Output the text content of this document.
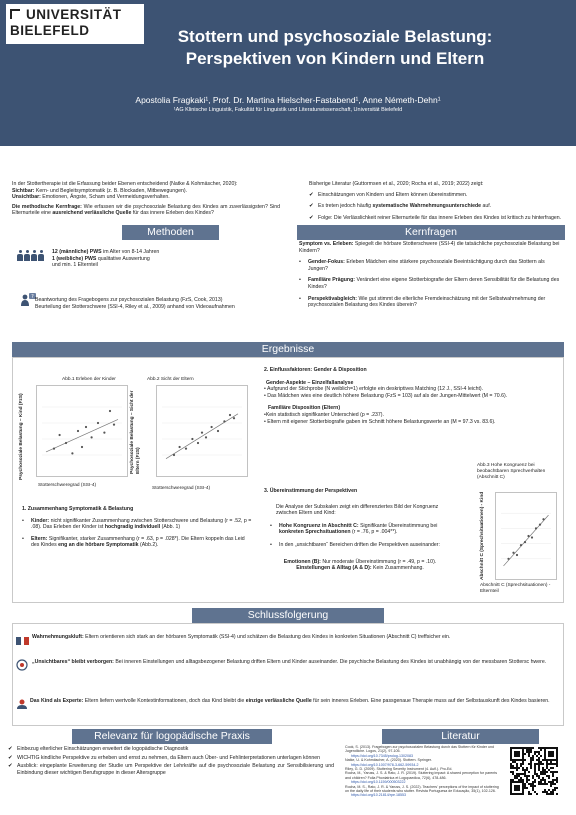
UNIVERSITÄT
BIELEFELD	Stottern und psychosoziale Belastung:
Perspektiven von Kindern und Eltern
Apostolia Fragkaki¹, Prof. Dr. Martina Hielscher-Fastabend¹, Anne Németh-Dehn¹
¹AG Klinische Linguistik, Fakultät für Linguistik und Literaturwissenschaft, Universität Bielefeld
In der Stottertherapie ist die Erfassung beider Ebenen entscheidend (Natke & Kohmäscher, 2020):
Sichtbar: Kern- und Begleitsymptomatik (z. B. Blockaden, Mitbewegungen).
Unsichtbar: Emotionen, Ängste, Scham und Vermeidungsverhalten.
Die methodische Kernfrage: Wie erfassen wir die psychosoziale Belastung des Kindes am zuverlässigsten? Sind Elternurteile eine ausreichend verlässliche Quelle für das innere Erleben des Kindes?
Bisherige Literatur (Guttormsen et al., 2020; Rocha et al., 2019; 2022) zeigt:
✔ Einschätzungen von Kindern und Eltern können übereinstimmen.
✔ Es treten jedoch häufig systematische Wahrnehmungsunterschiede auf.
✔ Folge: Die Verlässlichkeit reiner Elternurteile für das innere Erleben des Kindes ist kritisch zu hinterfragen.
Methoden
12 (männliche) PWS im Alter von 8-14 Jahren
1 (weibliche) PWS qualitative Auswertung
und min. 1 Elternteil
? Beantwortung des Fragebogens zur psychosozialen Belastung (FzS, Cook, 2013)
Beurteilung der Stotterschwere (SSI-4, Riley et al., 2009) anhand von Videoaufnahmen
Kernfragen
Symptom vs. Erleben: Spiegelt die hörbare Stotterschwere (SSI-4) die tatsächliche psychosoziale Belastung bei Kindern?
•	Gender-Fokus: Erleben Mädchen eine stärkere psychosoziale Beeinträchtigung durch das Stottern als Jungen?
•	Familiäre Prägung: Verändert eine eigene Stotterbiografie der Eltern deren Sensibilität für die Belastung des Kindes?
•	Perspektivabgleich: Wie gut stimmt die elterliche Fremdeinschätzung mit der Selbstwahrnehmung der psychosozialen Belastung des Kindes überein?
Ergebnisse
Abb.1 Erleben der Kinder
Psychosoziale Belastung – Kind (FzS)
Stotterschweregrad (SSI-4)
Abb.2 Sicht der Eltern
Psychosoziale Belastung – Sicht der Eltern (FzS)
Stotterschweregrad (SSI-4)
1. Zusammenhang Symptomatik & Belastung
•	Kinder: nicht signifikanter Zusammenhang zwischen Stotterschwere und Belastung (r = .52, p = .08). Das Erleben der Kinder ist hochgradig individuell (Abb. 1)
•	Eltern: Signifikanter, starker Zusammenhang (r = .63, p = .028*). Die Eltern koppeln das Leid des Kindes eng an die hörbare Symptomatik (Abb.2).
2. Einflussfaktoren: Gender & Disposition
Gender-Aspekte – Einzelfallanalyse
• Aufgrund der Stichprobe (N weiblich=1) erfolgte ein deskriptives Matching (12 J., SSI-4 leicht).
• Das Mädchen wies eine deutlich höhere Belastung (FzS = 103) auf als der Jungen-Mittelwert (M = 70.6).
Familiäre Disposition (Eltern)
•Kein statistisch signifikanter Unterschied (p = .237).
• Eltern mit eigener Stotterbiografie gaben im Schnitt höhere Belastungswerte an (M = 97.3 vs. 83.6).
3. Übereinstimmung der Perspektiven
Die Analyse der Subskalen zeigt ein differenziertes Bild der Kongruenz zwischen Eltern und Kind:
•	Hohe Kongruenz in Abschnitt C: Signifikante Übereinstimmung bei konkreten Sprechsituationen (r = .76, p = .004**).
•	In den „unsichtbaren“ Bereichen driften die Perspektiven auseinander:
Emotionen (B): Nur moderate Übereinstimmung (r = .49, p = .10).
Einstellungen & Alltag (A & D): Kein Zusammenhang.
Abb.3 Hohe Kongruenz bei beobachtbaren Sprechverhalten (Abschnitt C)
Abschnitt C (Sprechsituationen) - Kind
Abschnitt C (Sprechsituationen) - Elternteil
Schlussfolgerung
Wahrnehmungskluft: Eltern orientieren sich stark an der hörbaren Symptomatik (SSI-4) und schätzen die Belastung des Kindes in konkreten Situationen (Abschnitt C) treffsicher ein.
„Unsichtbares“ bleibt verborgen: Bei inneren Einstellungen und alltagsbezogener Belastung driften Eltern und Kinder auseinander. Die psychische Belastung des Kindes ist unabhängig von der messbaren Stottersc hwere.
Das Kind als Experte: Eltern liefern wertvolle Kontextinformationen, doch das Kind bleibt die einzige verlässliche Quelle für sein inneres Erleben. Eine passgenaue Therapie muss auf der Selbstauskunft des Kindes basieren.
Relevanz für logopädische Praxis
✔ Einbezug elterlicher Einschätzungen erweitert die logopädische Diagnostik
✔ WICHTIG kindliche Perspektive zu erheben und ernst zu nehmen, da Eltern auch Über- und Fehlinterpretationen unterlagen können
✔ Ausblick: eingeplante Erweiterung der Studie um Perspektive der Lehrkräfte auf die psychosoziale Belastung zur Sensibilisierung und Einbindung dieser wichtigen Berufsgruppe in dieser Altersgruppe
Literatur
Cook, S. (2013). Fragebogen zur psychosozialen Belastung durch das Stottern für Kinder und Jugendliche. Logos, 21(2), 97-105.
https://doi.org/10.7345/prolog-1302083
Natke, U. & Kohmäscher, A. (2020). Stottern. Springer.
https://doi.org/10.1007/978-3-662-59934-2
Riley, G. D. (2009). Stuttering Severity Instrument (4. Aufl.). Pro-Ed.
Rocha, M., Yaruss, J. S. & Rato, J. R. (2019). Stuttering impact: A shared perception for parents and children? Folia Phoniatrica et Logopaedica, 72(6), 478-486.
https://doi.org/10.1159/000503222
Rocha, M. S., Rato, J. R. & Yaruss, J. S. (2022). Teachers' perceptions of the impact of stuttering on the daily life of their students who stutter. Revista Portuguesa de Educação, 35(1), 102-126.
https://doi.org/10.21814/rpe.18553
